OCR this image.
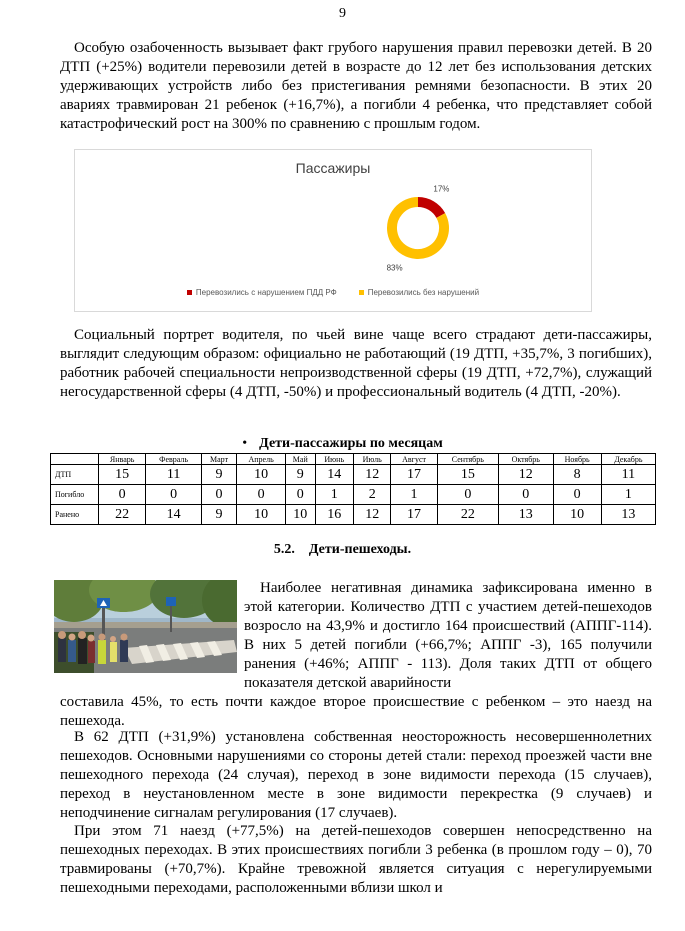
9

Особую озабоченность вызывает факт грубого нарушения правил перевозки детей. В 20 ДТП (+25%) водители перевозили детей в возрасте до 12 лет без использования детских удерживающих устройств либо без пристегивания ремнями безопасности. В этих 20 авариях травмирован 21 ребенок (+16,7%), а погибли 4 ребенка, что представляет собой катастрофический рост на 300% по сравнению с прошлым годом.

Пассажиры
17%
83%
Перевозились с нарушением ПДД РФ	Перевозились без нарушений

Социальный портрет водителя, по чьей вине чаще всего страдают дети-пассажиры, выглядит следующим образом: официально не работающий (19 ДТП, +35,7%, 3 погибших), работник рабочей специальности непроизводственной сферы (19 ДТП, +72,7%), служащий негосударственной сферы (4 ДТП, -50%) и профессиональный водитель (4 ДТП, -20%).

• Дети-пассажиры по месяцам
	Январь	Февраль	Март	Апрель	Май	Июнь	Июль	Август	Сентябрь	Октябрь	Ноябрь	Декабрь
ДТП	15	11	9	10	9	14	12	17	15	12	8	11
Погибло	0	0	0	0	0	1	2	1	0	0	0	1
Ранено	22	14	9	10	10	16	12	17	22	13	10	13
5.2. Дети-пешеходы.
Наиболее негативная динамика зафиксирована именно в этой категории. Количество ДТП с участием детей-пешеходов возросло на 43,9% и достигло 164 происшествий (АППГ-114). В них 5 детей погибли (+66,7%; АППГ -3), 165 получили ранения (+46%; АППГ - 113). Доля таких ДТП от общего показателя детской аварийности

составила 45%, то есть почти каждое второе происшествие с ребенком – это наезд на пешехода.

В 62 ДТП (+31,9%) установлена собственная неосторожность несовершеннолетних пешеходов. Основными нарушениями со стороны детей стали: переход проезжей части вне пешеходного перехода (24 случая), переход в зоне видимости перехода (15 случаев), переход в неустановленном месте в зоне видимости перекрестка (9 случаев) и неподчинение сигналам регулирования (17 случаев).

При этом 71 наезд (+77,5%) на детей-пешеходов совершен непосредственно на пешеходных переходах. В этих происшествиях погибли 3 ребенка (в прошлом году – 0), 70 травмированы (+70,7%). Крайне тревожной является ситуация с нерегулируемыми пешеходными переходами, расположенными вблизи школ и
